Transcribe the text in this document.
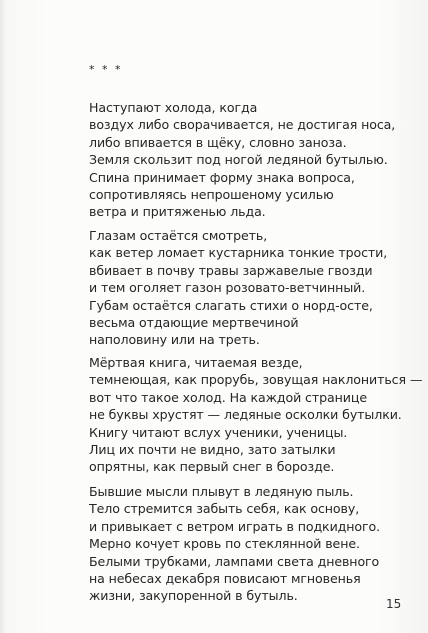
* * *
Наступают холода, когда
воздух либо сворачивается, не достигая носа,
либо впивается в щёку, словно заноза.
Земля скользит под ногой ледяной бутылью.
Спина принимает форму знака вопроса,
сопротивляясь непрошеному усилью
ветра и притяженью льда.
Глазам остаётся смотреть,
как ветер ломает кустарника тонкие трости,
вбивает в почву травы заржавелые гвозди
и тем оголяет газон розовато-ветчинный.
Губам остаётся слагать стихи о норд-осте,
весьма отдающие мертвечиной
наполовину или на треть.
Мёртвая книга, читаемая везде,
темнеющая, как прорубь, зовущая наклониться —
вот что такое холод. На каждой странице
не буквы хрустят — ледяные осколки бутылки.
Книгу читают вслух ученики, ученицы.
Лиц их почти не видно, зато затылки
опрятны, как первый снег в борозде.
Бывшие мысли плывут в ледяную пыль.
Тело стремится забыть себя, как основу,
и привыкает с ветром играть в подкидного.
Мерно кочует кровь по стеклянной вене.
Белыми трубками, лампами света дневного
на небесах декабря повисают мгновенья
жизни, закупоренной в бутыль.
15
